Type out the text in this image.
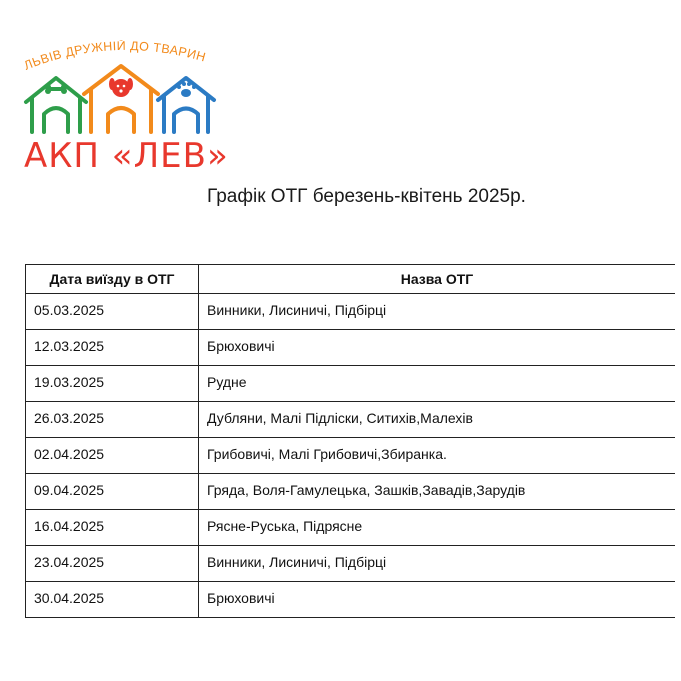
ЛЬВІВ ДРУЖНІЙ ДО ТВАРИН
АКП «ЛЕВ»
Графік ОТГ березень-квітень 2025р.
Дата виїзду в ОТГ	Назва ОТГ
05.03.2025	Винники, Лисиничі, Підбірці
12.03.2025	Брюховичі
19.03.2025	Рудне
26.03.2025	Дубляни, Малі Підліски, Ситихів,Малехів
02.04.2025	Грибовичі, Малі Грибовичі,Збиранка.
09.04.2025	Гряда, Воля-Гамулецька, Зашків,Завадів,Зарудів
16.04.2025	Рясне-Руська, Підрясне
23.04.2025	Винники, Лисиничі, Підбірці
30.04.2025	Брюховичі
